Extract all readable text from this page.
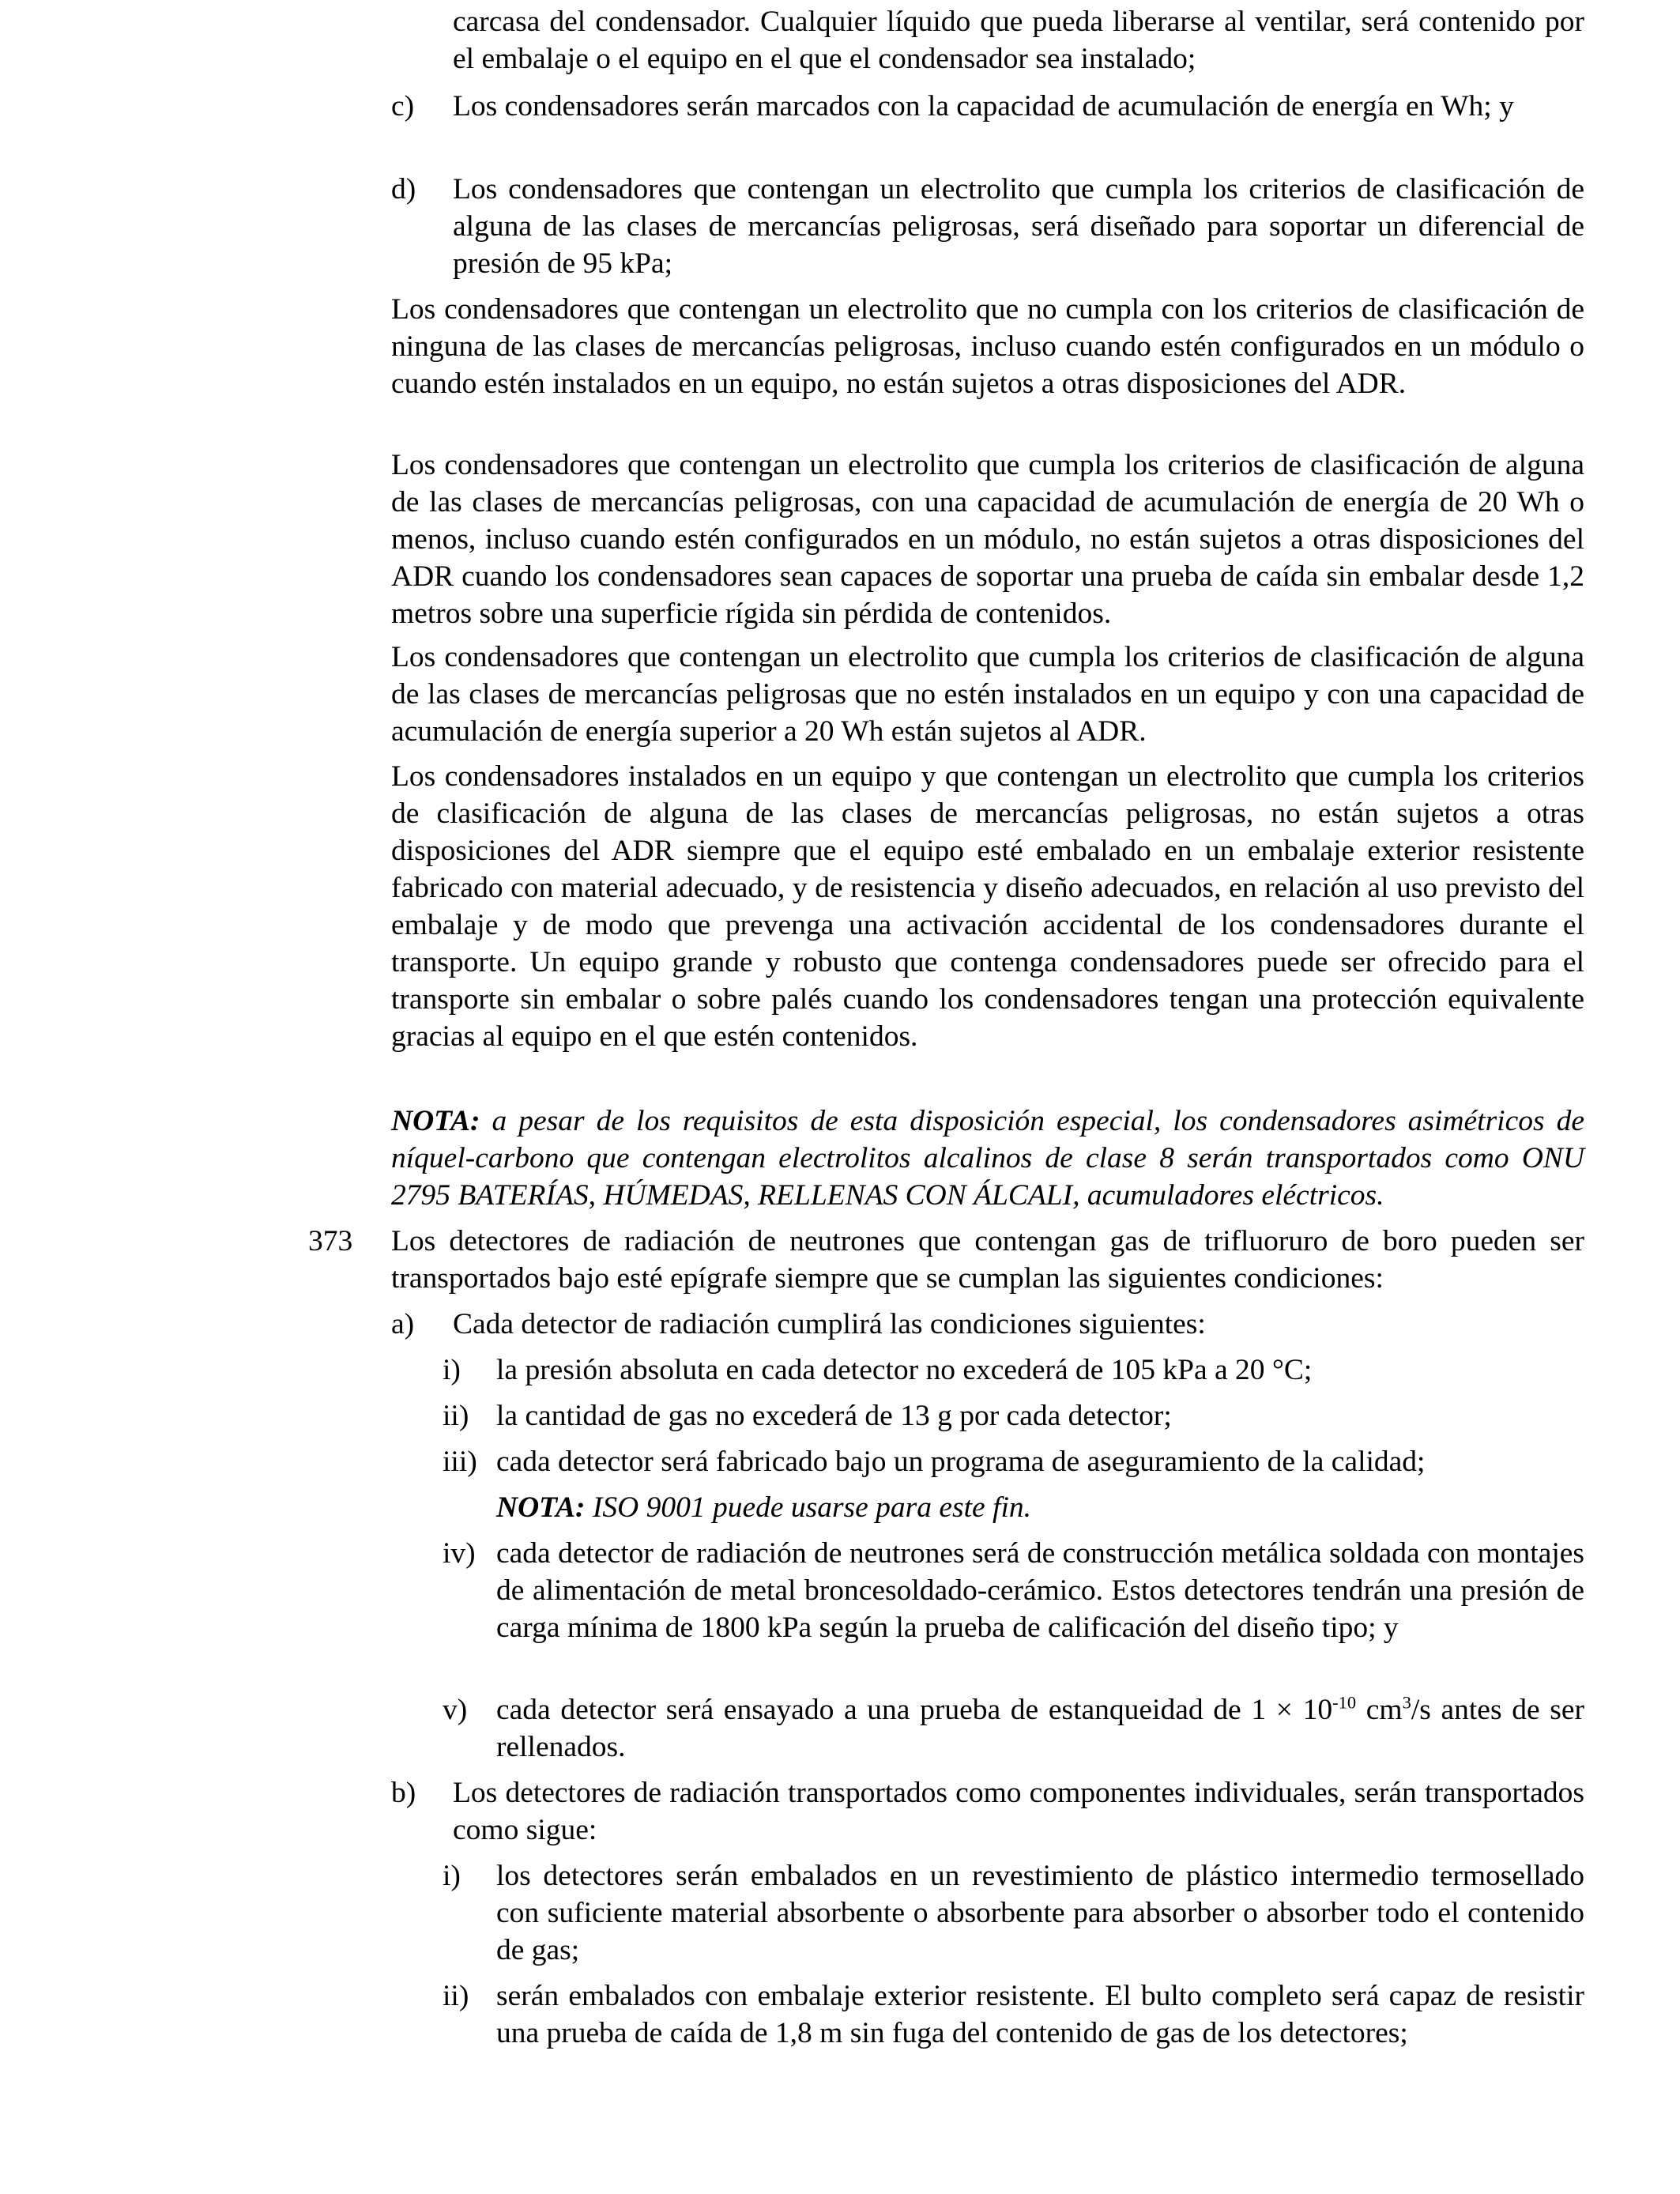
carcasa del condensador. Cualquier líquido que pueda liberarse al ventilar, será contenido por el embalaje o el equipo en el que el condensador sea instalado;
c)	Los condensadores serán marcados con la capacidad de acumulación de energía en Wh; y
d)	Los condensadores que contengan un electrolito que cumpla los criterios de clasificación de alguna de las clases de mercancías peligrosas, será diseñado para soportar un diferencial de presión de 95 kPa;
Los condensadores que contengan un electrolito que no cumpla con los criterios de clasificación de ninguna de las clases de mercancías peligrosas, incluso cuando estén configurados en un módulo o cuando estén instalados en un equipo, no están sujetos a otras disposiciones del ADR.
Los condensadores que contengan un electrolito que cumpla los criterios de clasificación de alguna de las clases de mercancías peligrosas, con una capacidad de acumulación de energía de 20 Wh o menos, incluso cuando estén configurados en un módulo, no están sujetos a otras disposiciones del ADR cuando los condensadores sean capaces de soportar una prueba de caída sin embalar desde 1,2 metros sobre una superficie rígida sin pérdida de contenidos.
Los condensadores que contengan un electrolito que cumpla los criterios de clasificación de alguna de las clases de mercancías peligrosas que no estén instalados en un equipo y con una capacidad de acumulación de energía superior a 20 Wh están sujetos al ADR.
Los condensadores instalados en un equipo y que contengan un electrolito que cumpla los criterios de clasificación de alguna de las clases de mercancías peligrosas, no están sujetos a otras disposiciones del ADR siempre que el equipo esté embalado en un embalaje exterior resistente fabricado con material adecuado, y de resistencia y diseño adecuados, en relación al uso previsto del embalaje y de modo que prevenga una activación accidental de los condensadores durante el transporte. Un equipo grande y robusto que contenga condensadores puede ser ofrecido para el transporte sin embalar o sobre palés cuando los condensadores tengan una protección equivalente gracias al equipo en el que estén contenidos.
NOTA: a pesar de los requisitos de esta disposición especial, los condensadores asimétricos de níquel-carbono que contengan electrolitos alcalinos de clase 8 serán transportados como ONU 2795 BATERÍAS, HÚMEDAS, RELLENAS CON ÁLCALI, acumuladores eléctricos.
373 Los detectores de radiación de neutrones que contengan gas de trifluoruro de boro pueden ser transportados bajo esté epígrafe siempre que se cumplan las siguientes condiciones:
a)	Cada detector de radiación cumplirá las condiciones siguientes:
i)	la presión absoluta en cada detector no excederá de 105 kPa a 20 °C;
ii) la cantidad de gas no excederá de 13 g por cada detector;
iii) cada detector será fabricado bajo un programa de aseguramiento de la calidad;
NOTA: ISO 9001 puede usarse para este fin.
iv) cada detector de radiación de neutrones será de construcción metálica soldada con montajes de alimentación de metal broncesoldado-cerámico. Estos detectores tendrán una presión de carga mínima de 1800 kPa según la prueba de calificación del diseño tipo; y
v) cada detector será ensayado a una prueba de estanqueidad de $1 \times 10^{-10}$ $cm^3/s$ antes de ser rellenados.
b)	Los detectores de radiación transportados como componentes individuales, serán transportados como sigue:
i)	los detectores serán embalados en un revestimiento de plástico intermedio termosellado con suficiente material absorbente o absorbente para absorber o absorber todo el contenido de gas;
ii) serán embalados con embalaje exterior resistente. El bulto completo será capaz de resistir una prueba de caída de 1,8 m sin fuga del contenido de gas de los detectores;
